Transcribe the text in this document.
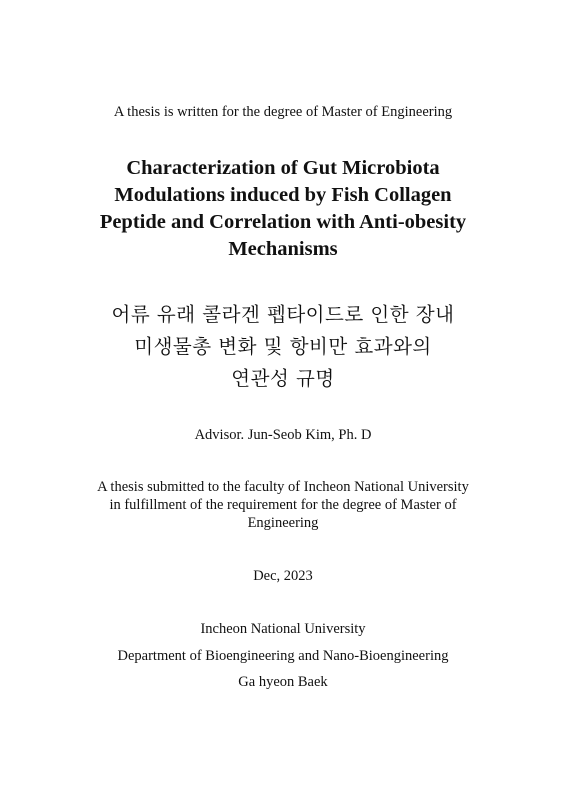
A thesis is written for the degree of Master of Engineering
Characterization of Gut Microbiota
Modulations induced by Fish Collagen
Peptide and Correlation with Anti-obesity
Mechanisms
어류 유래 콜라겐 펩타이드로 인한 장내
미생물총 변화 및 항비만 효과와의
연관성 규명
Advisor. Jun-Seob Kim, Ph. D
A thesis submitted to the faculty of Incheon National University
in fulfillment of the requirement for the degree of Master of
Engineering
Dec, 2023
Incheon National University
Department of Bioengineering and Nano-Bioengineering
Ga hyeon Baek
